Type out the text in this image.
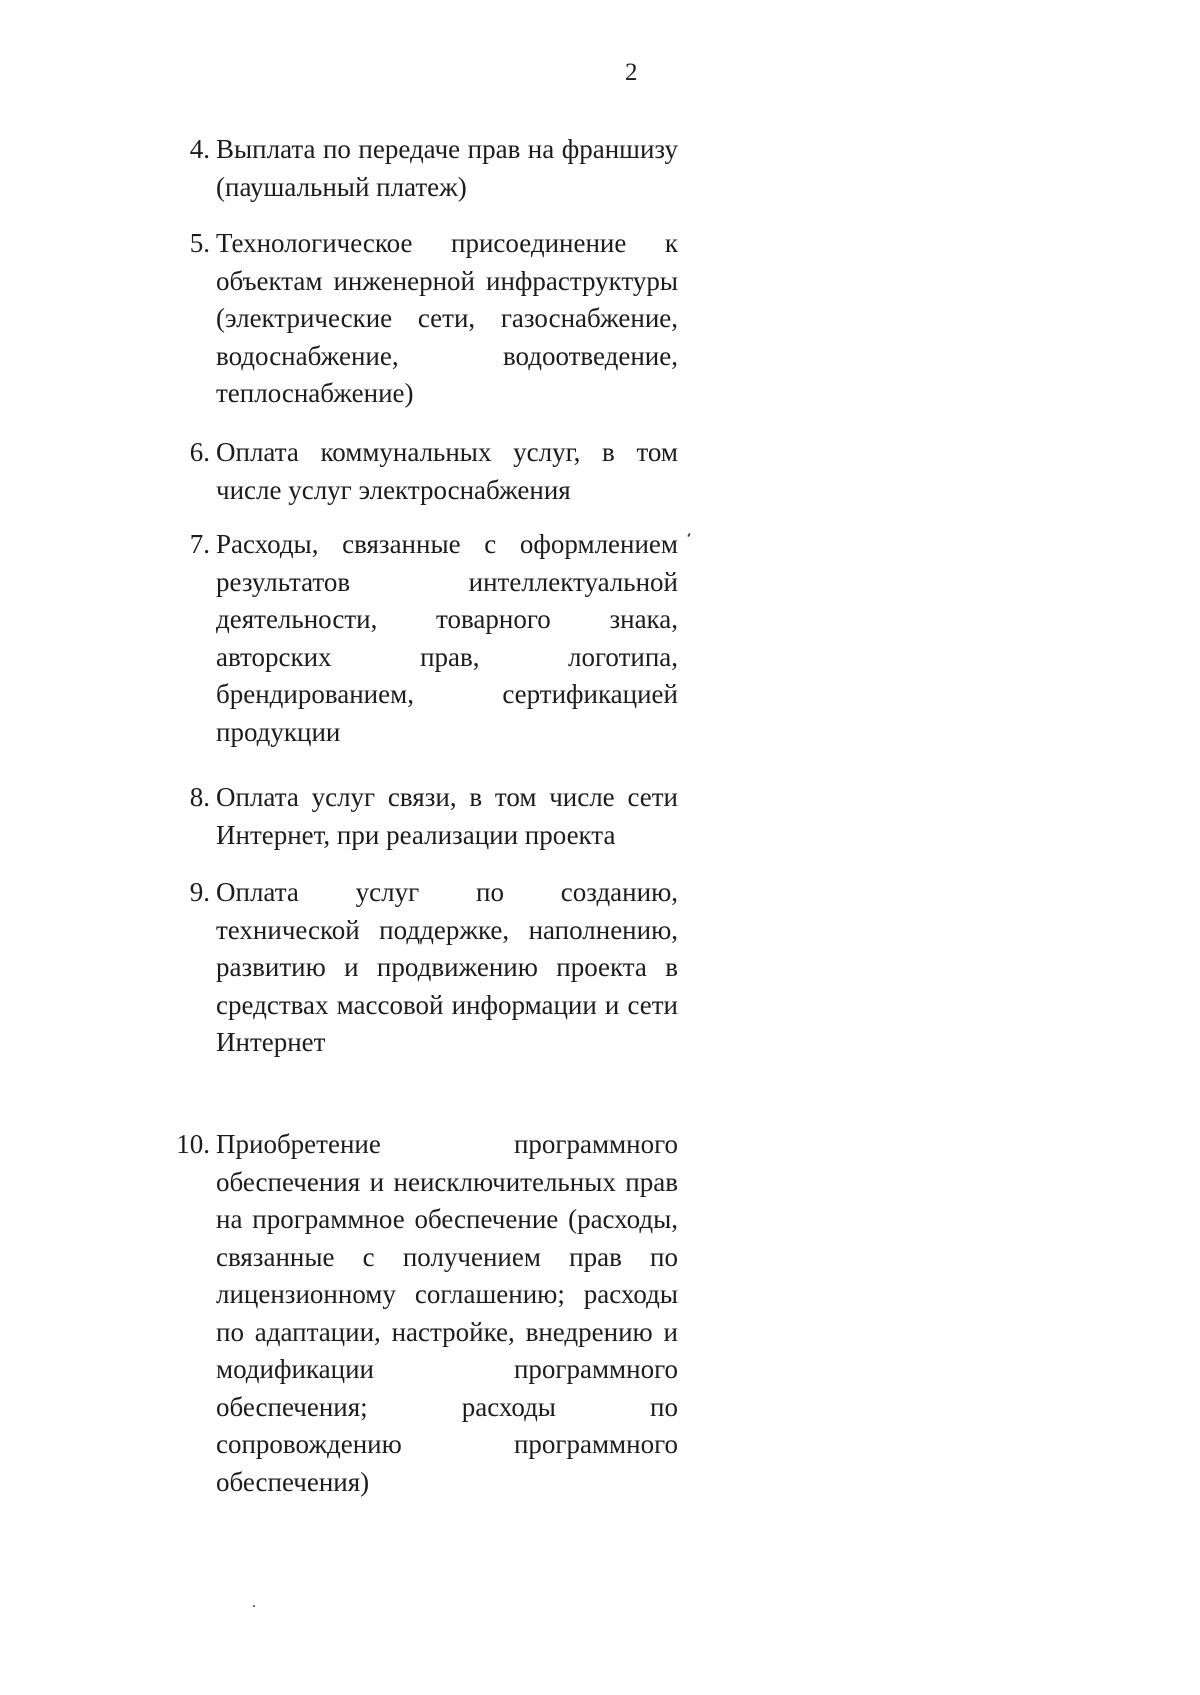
2
4. Выплата по передаче прав на франшизу (паушальный платеж)
5. Технологическое присоединение к объектам инженерной инфраструктуры (электрические сети, газоснабжение, водоснабжение, водоотведение, теплоснабжение)
6. Оплата коммунальных услуг, в том числе услуг электроснабжения
7. Расходы, связанные с оформлением результатов интеллектуальной деятельности, товарного знака, авторских прав, логотипа, брендированием, сертификацией продукции
8. Оплата услуг связи, в том числе сети Интернет, при реализации проекта
9. Оплата услуг по созданию, технической поддержке, наполнению, развитию и продвижению проекта в средствах массовой информации и сети Интернет
10. Приобретение программного обеспечения и неисключительных прав на программное обеспечение (расходы, связанные с получением прав по лицензионному соглашению; расходы по адаптации, настройке, внедрению и модификации программного обеспечения; расходы по сопровождению программного обеспечения)
